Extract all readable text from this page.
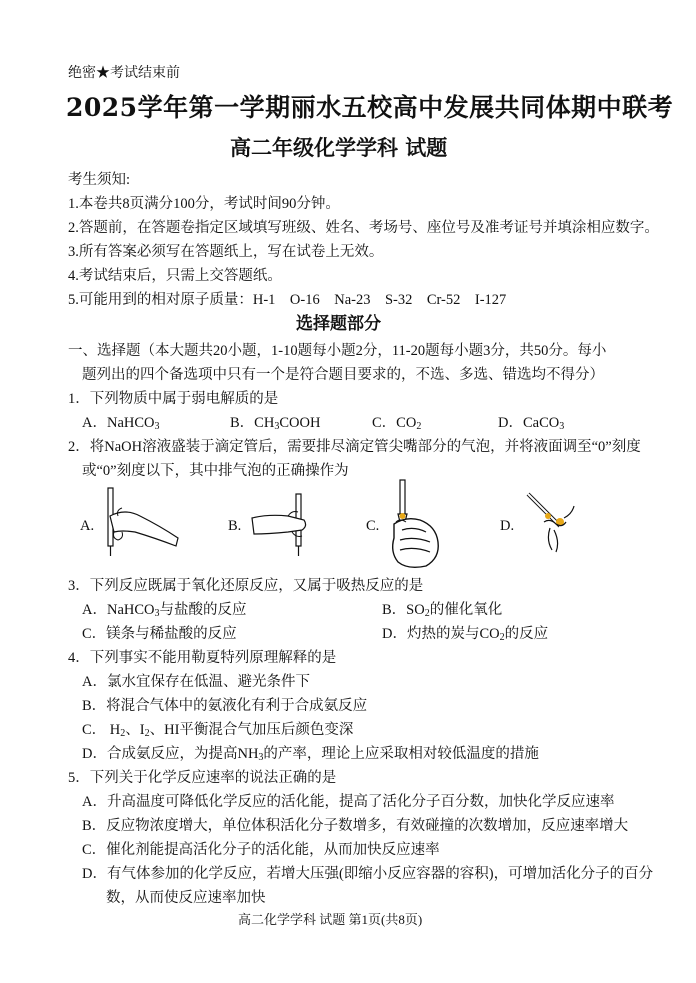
绝密★考试结束前
2025学年第一学期丽水五校高中发展共同体期中联考
高二年级化学学科 试题
考生须知:
1.本卷共8页满分100分，考试时间90分钟。
2.答题前，在答题卷指定区域填写班级、姓名、考场号、座位号及准考证号并填涂相应数字。
3.所有答案必须写在答题纸上，写在试卷上无效。
4.考试结束后，只需上交答题纸。
5.可能用到的相对原子质量：H-1    O-16    Na-23    S-32    Cr-52    I-127
选择题部分
一、选择题（本大题共20小题，1-10题每小题2分，11-20题每小题3分，共50分。每小
题列出的四个备选项中只有一个是符合题目要求的，不选、多选、错选均不得分）
1．下列物质中属于弱电解质的是
A．NaHCO$_3$	B．$CH_3COOH$	C．$CO_2$	D．CaCO$_3$
2．将NaOH溶液盛装于滴定管后，需要排尽滴定管尖嘴部分的气泡，并将液面调至“0”刻度
或“0”刻度以下，其中排气泡的正确操作为
A.	B.	C.	D.
3．下列反应既属于氧化还原反应，又属于吸热反应的是
A．NaHCO$_3$与盐酸的反应	B．$SO_2$的催化氧化
C．镁条与稀盐酸的反应	D．灼热的炭与$CO_2$的反应
4．下列事实不能用勒夏特列原理解释的是
A．氯水宜保存在低温、避光条件下
B．将混合气体中的氨液化有利于合成氨反应
C． $H_2$、$I_2$、HI平衡混合气加压后颜色变深
D．合成氨反应，为提高$NH_3$的产率，理论上应采取相对较低温度的措施
5．下列关于化学反应速率的说法正确的是
A．升高温度可降低化学反应的活化能，提高了活化分子百分数，加快化学反应速率
B．反应物浓度增大，单位体积活化分子数增多，有效碰撞的次数增加，反应速率增大
C．催化剂能提高活化分子的活化能，从而加快反应速率
D．有气体参加的化学反应，若增大压强(即缩小反应容器的容积)，可增加活化分子的百分
数，从而使反应速率加快
高二化学学科 试题 第1页(共8页)
